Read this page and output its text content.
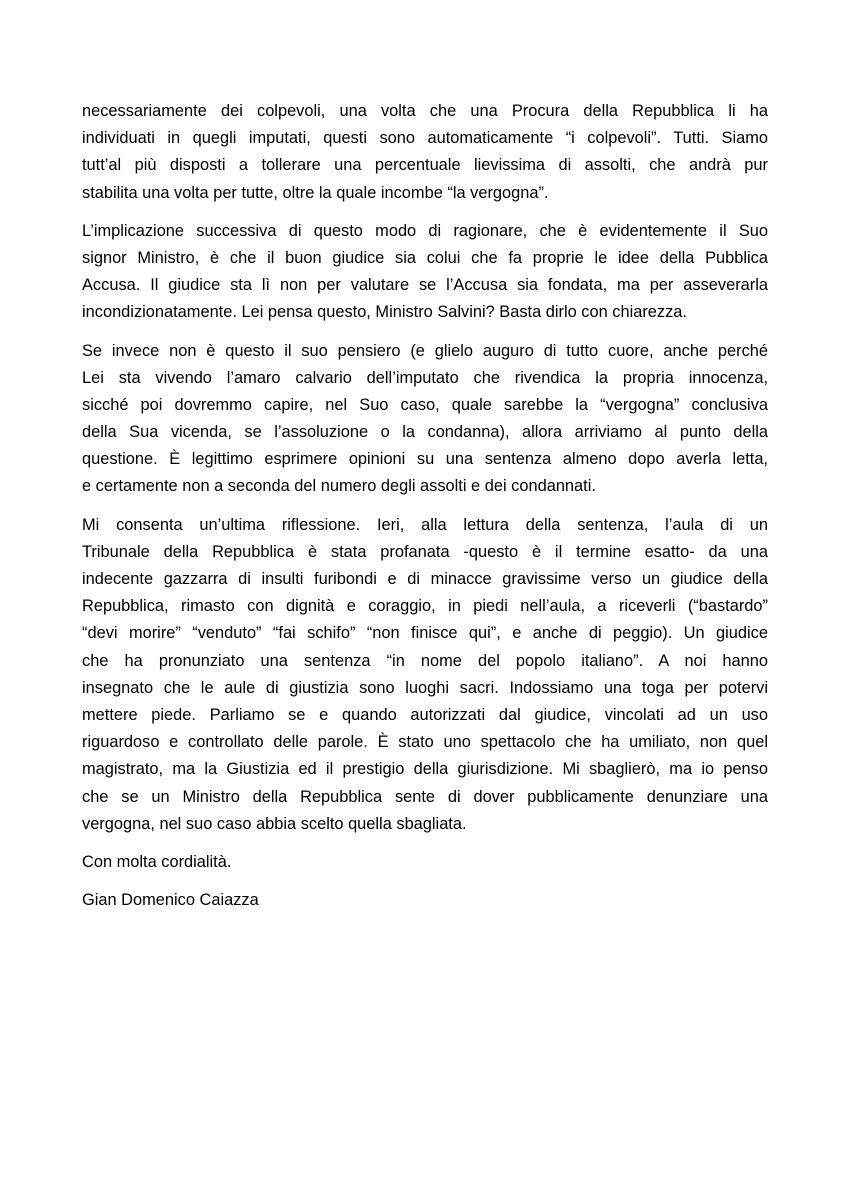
necessariamente dei colpevoli, una volta che una Procura della Repubblica li ha
individuati in quegli imputati, questi sono automaticamente “i colpevoli”. Tutti. Siamo
tutt’al più disposti a tollerare una percentuale lievissima di assolti, che andrà pur
stabilita una volta per tutte, oltre la quale incombe “la vergogna”.
L’implicazione successiva di questo modo di ragionare, che è evidentemente il Suo
signor Ministro, è che il buon giudice sia colui che fa proprie le idee della Pubblica
Accusa. Il giudice sta lì non per valutare se l’Accusa sia fondata, ma per asseverarla
incondizionatamente. Lei pensa questo, Ministro Salvini? Basta dirlo con chiarezza.
Se invece non è questo il suo pensiero (e glielo auguro di tutto cuore, anche perché
Lei sta vivendo l’amaro calvario dell’imputato che rivendica la propria innocenza,
sicché poi dovremmo capire, nel Suo caso, quale sarebbe la “vergogna” conclusiva
della Sua vicenda, se l’assoluzione o la condanna), allora arriviamo al punto della
questione. È legittimo esprimere opinioni su una sentenza almeno dopo averla letta,
e certamente non a seconda del numero degli assolti e dei condannati.
Mi consenta un’ultima riflessione. Ieri, alla lettura della sentenza, l’aula di un
Tribunale della Repubblica è stata profanata -questo è il termine esatto- da una
indecente gazzarra di insulti furibondi e di minacce gravissime verso un giudice della
Repubblica, rimasto con dignità e coraggio, in piedi nell’aula, a riceverli (“bastardo”
“devi morire” “venduto” “fai schifo” “non finisce qui”, e anche di peggio). Un giudice
che ha pronunziato una sentenza “in nome del popolo italiano”. A noi hanno
insegnato che le aule di giustizia sono luoghi sacri. Indossiamo una toga per potervi
mettere piede. Parliamo se e quando autorizzati dal giudice, vincolati ad un uso
riguardoso e controllato delle parole. È stato uno spettacolo che ha umiliato, non quel
magistrato, ma la Giustizia ed il prestigio della giurisdizione. Mi sbaglierò, ma io penso
che se un Ministro della Repubblica sente di dover pubblicamente denunziare una
vergogna, nel suo caso abbia scelto quella sbagliata.

Con molta cordialità.

Gian Domenico Caiazza
